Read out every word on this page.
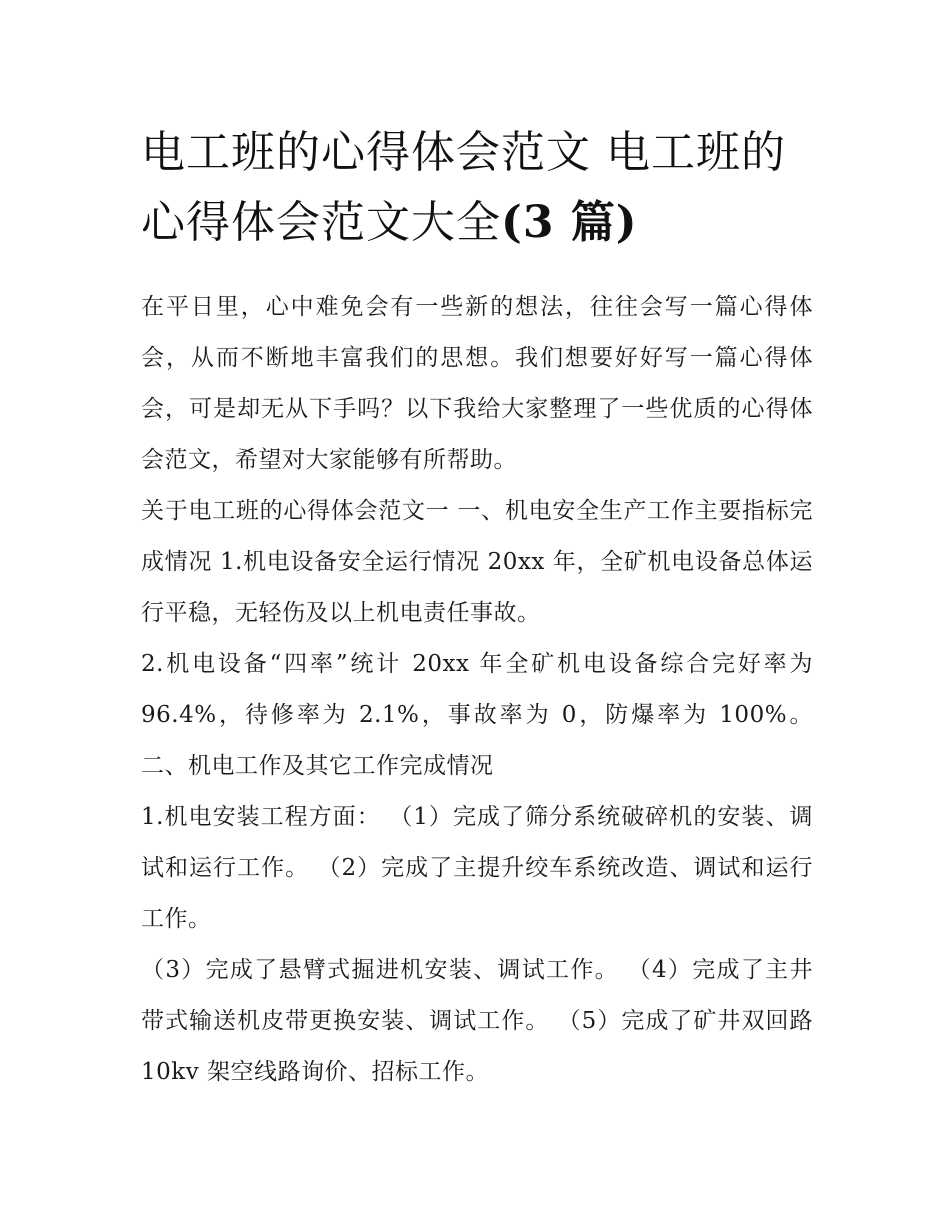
电工班的心得体会范文 电工班的心得体会范文大全(3 篇)

在平日里，心中难免会有一些新的想法，往往会写一篇心得体会，从而不断地丰富我们的思想。我们想要好好写一篇心得体会，可是却无从下手吗？以下我给大家整理了一些优质的心得体会范文，希望对大家能够有所帮助。

关于电工班的心得体会范文一 一、机电安全生产工作主要指标完成情况 1.机电设备安全运行情况 20xx 年，全矿机电设备总体运行平稳，无轻伤及以上机电责任事故。

2.机电设备“四率”统计 20xx 年全矿机电设备综合完好率为 96.4%，待修率为 2.1%，事故率为 0，防爆率为 100%。 二、机电工作及其它工作完成情况

1.机电安装工程方面： （1）完成了筛分系统破碎机的安装、调试和运行工作。 （2）完成了主提升绞车系统改造、调试和运行工作。

（3）完成了悬臂式掘进机安装、调试工作。 （4）完成了主井带式输送机皮带更换安装、调试工作。 （5）完成了矿井双回路 10kv 架空线路询价、招标工作。
